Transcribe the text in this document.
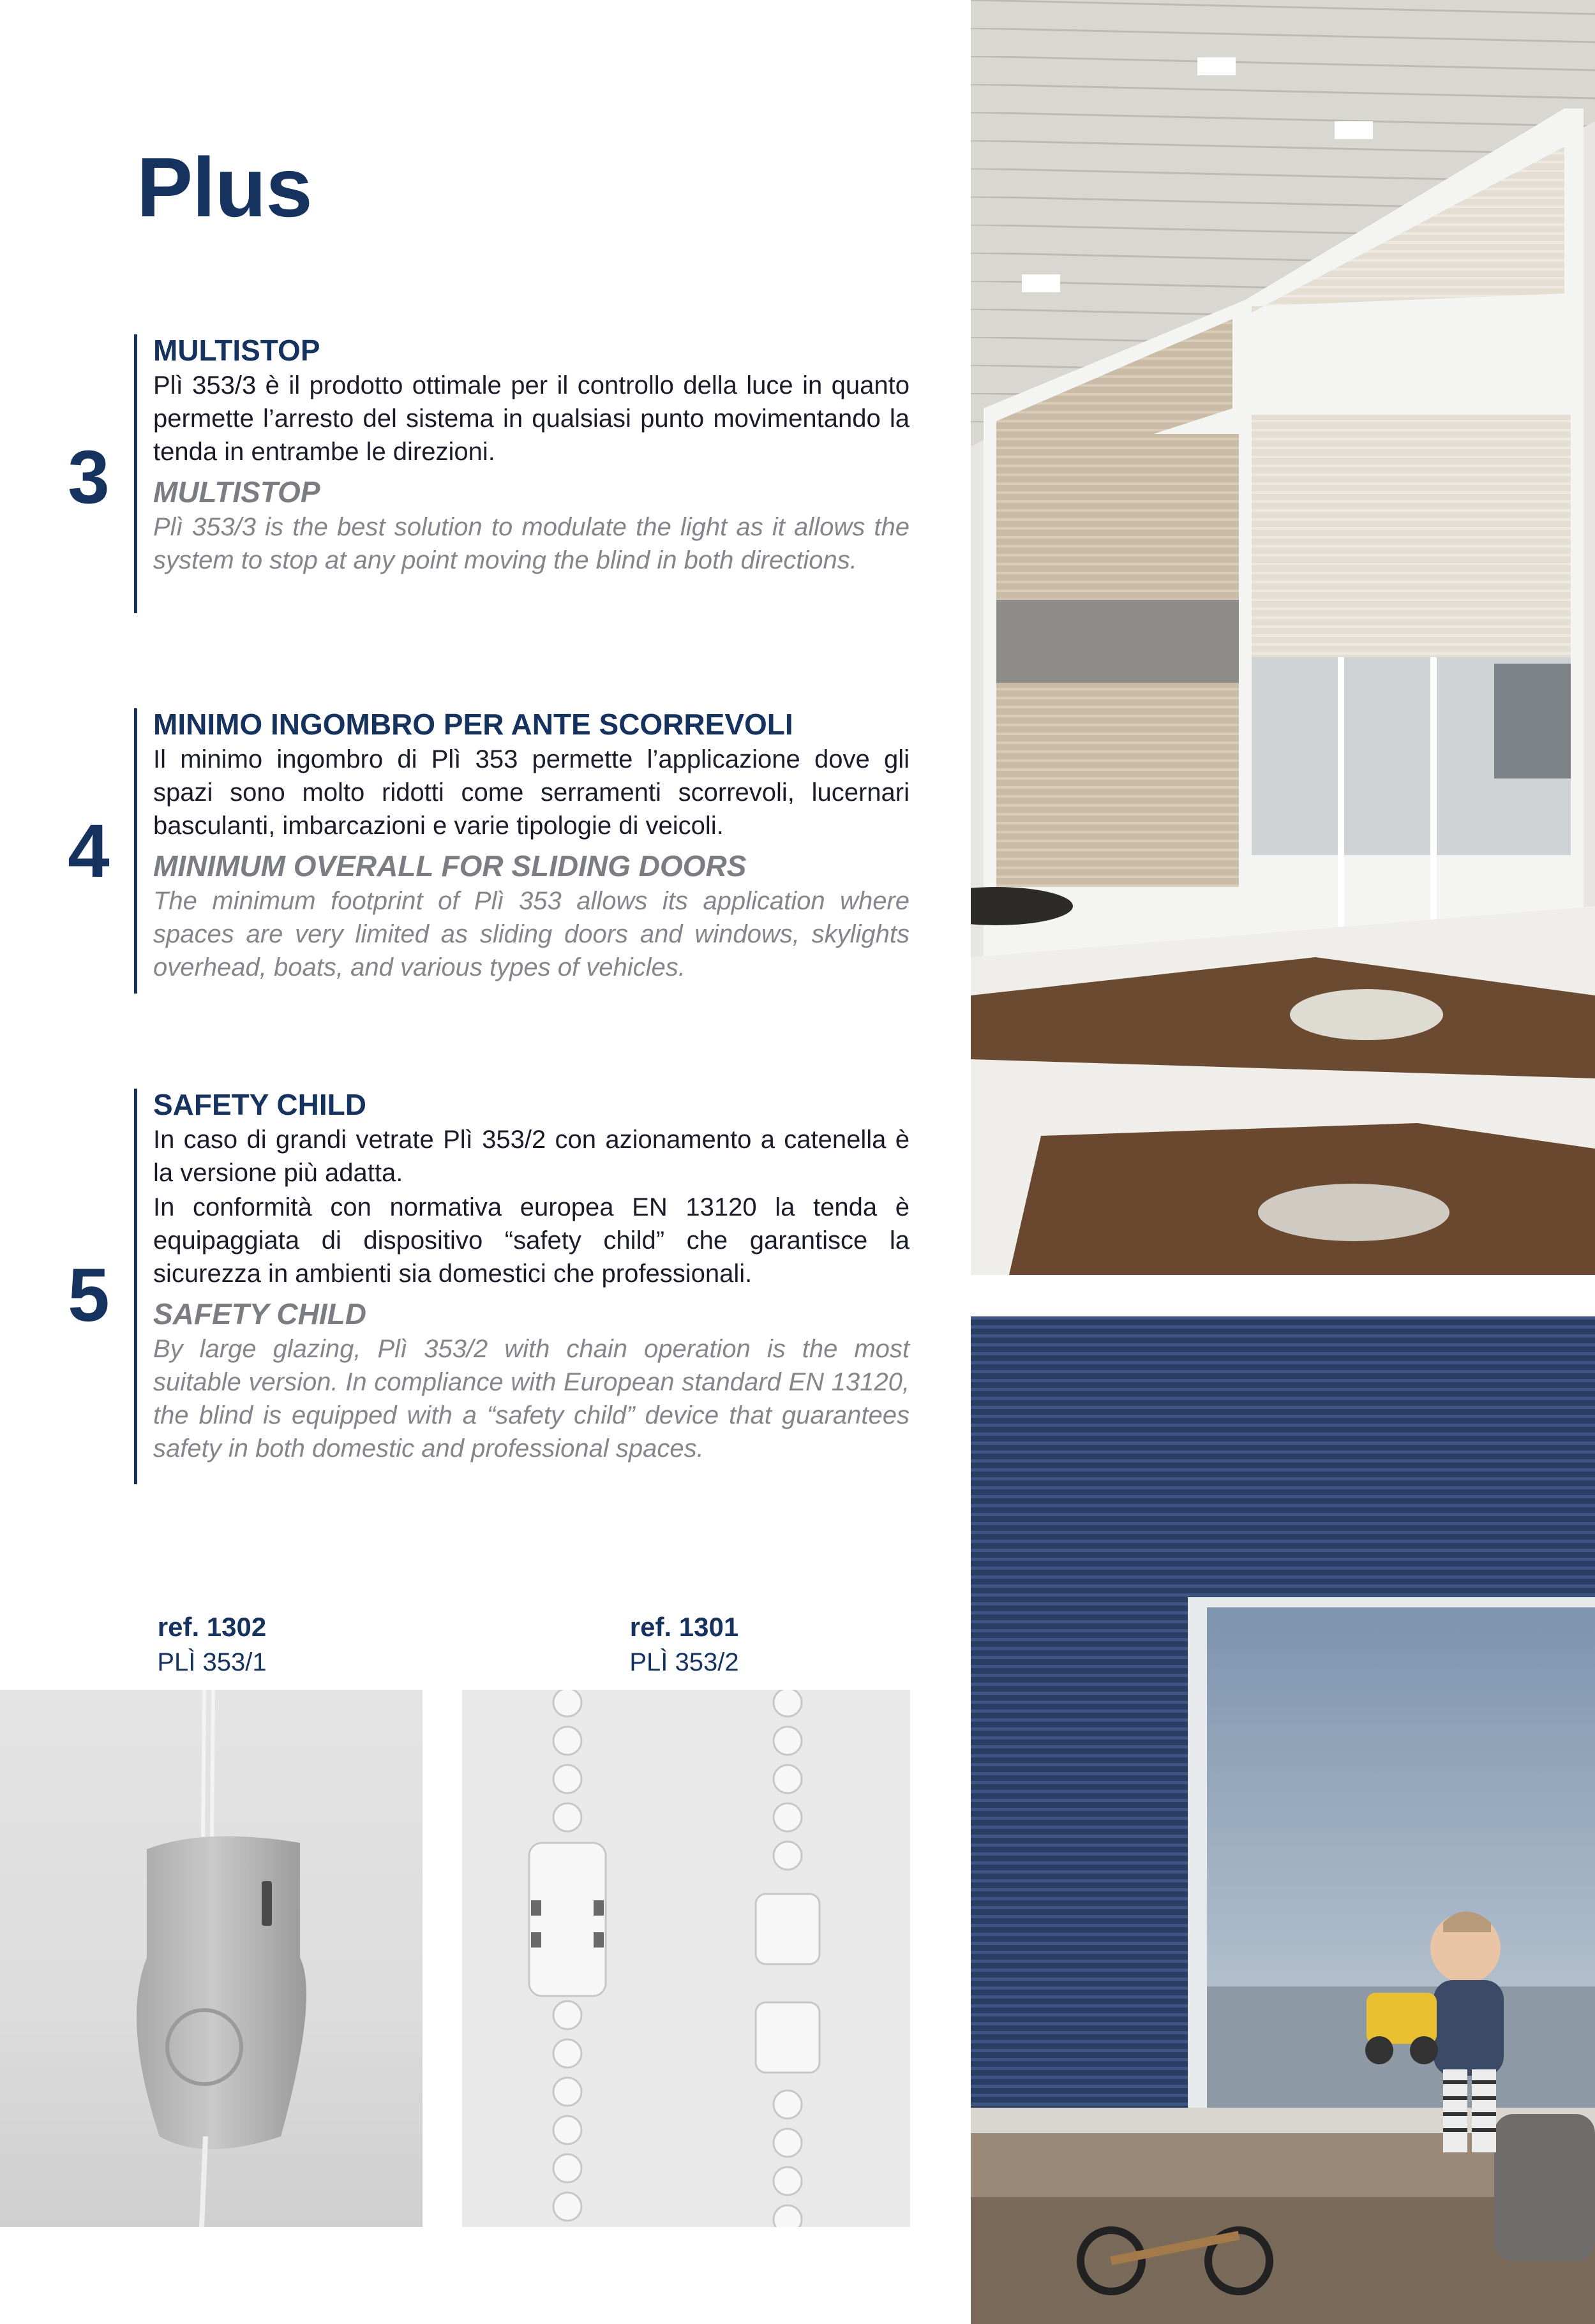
Plus
3
MULTISTOP
Plì 353/3 è il prodotto ottimale per il controllo della luce in quanto permette l’arresto del sistema in qualsiasi punto movimentando la tenda in entrambe le direzioni.
MULTISTOP
Plì 353/3 is the best solution to modulate the light as it allows the system to stop at any point moving the blind in both directions.
4
MINIMO INGOMBRO PER ANTE SCORREVOLI
Il minimo ingombro di Plì 353 permette l’applicazione dove gli spazi sono molto ridotti come serramenti scorrevoli, lucernari basculanti, imbarcazioni e varie tipologie di veicoli.
MINIMUM OVERALL FOR SLIDING DOORS
The minimum footprint of Plì 353 allows its application where spaces are very limited as sliding doors and windows, skylights overhead, boats, and various types of vehicles.
5
SAFETY CHILD
In caso di grandi vetrate Plì 353/2 con azionamento a catenella è la versione più adatta.
In conformità con normativa europea EN 13120 la tenda è equipaggiata di dispositivo “safety child” che garantisce la sicurezza in ambienti sia domestici che professionali.
SAFETY CHILD
By large glazing, Plì 353/2 with chain operation is the most suitable version. In compliance with European standard EN 13120, the blind is equipped with a “safety child” device that guarantees safety in both domestic and professional spaces.
ref. 1302
PLÌ 353/1
ref. 1301
PLÌ 353/2
